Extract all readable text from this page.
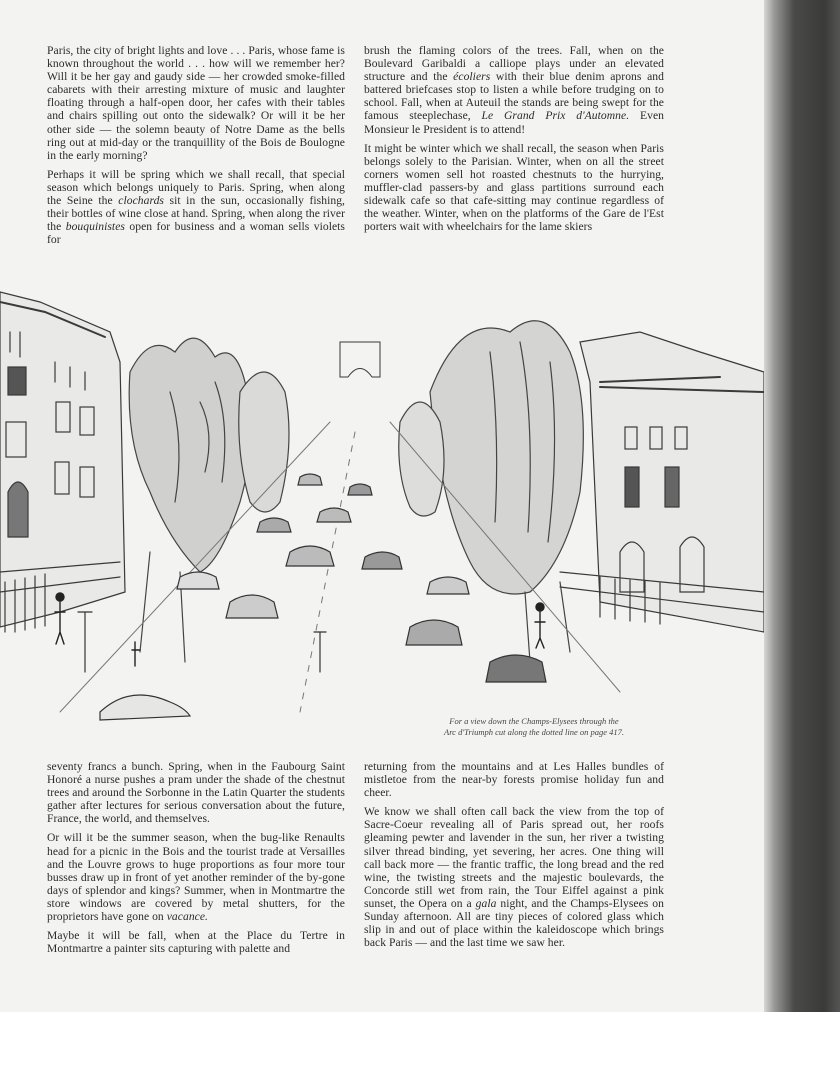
Paris, the city of bright lights and love . . . Paris, whose fame is known throughout the world . . . how will we remember her? Will it be her gay and gaudy side — her crowded smoke-filled cabarets with their arresting mixture of music and laughter floating through a half-open door, her cafes with their tables and chairs spilling out onto the sidewalk? Or will it be her other side — the solemn beauty of Notre Dame as the bells ring out at mid-day or the tranquillity of the Bois de Boulogne in the early morning?

Perhaps it will be spring which we shall recall, that special season which belongs uniquely to Paris. Spring, when along the Seine the clochards sit in the sun, occasionally fishing, their bottles of wine close at hand. Spring, when along the river the bouquinistes open for business and a woman sells violets for

brush the flaming colors of the trees. Fall, when on the Boulevard Garibaldi a calliope plays under an elevated structure and the écoliers with their blue denim aprons and battered briefcases stop to listen a while before trudging on to school. Fall, when at Auteuil the stands are being swept for the famous steeplechase, Le Grand Prix d'Automne. Even Monsieur le President is to attend!

It might be winter which we shall recall, the season when Paris belongs solely to the Parisian. Winter, when on all the street corners women sell hot roasted chestnuts to the hurrying, muffler-clad passers-by and glass partitions surround each sidewalk cafe so that cafe-sitting may continue regardless of the weather. Winter, when on the platforms of the Gare de l'Est porters wait with wheelchairs for the lame skiers

For a view down the Champs-Elysees through the
Arc d'Triumph cut along the dotted line on page 417.

seventy francs a bunch. Spring, when in the Faubourg Saint Honoré a nurse pushes a pram under the shade of the chestnut trees and around the Sorbonne in the Latin Quarter the students gather after lectures for serious conversation about the future, France, the world, and themselves.

Or will it be the summer season, when the bug-like Renaults head for a picnic in the Bois and the tourist trade at Versailles and the Louvre grows to huge proportions as four more tour busses draw up in front of yet another reminder of the by-gone days of splendor and kings? Summer, when in Montmartre the store windows are covered by metal shutters, for the proprietors have gone on vacance.

Maybe it will be fall, when at the Place du Tertre in Montmartre a painter sits capturing with palette and

returning from the mountains and at Les Halles bundles of mistletoe from the near-by forests promise holiday fun and cheer.

We know we shall often call back the view from the top of Sacre-Coeur revealing all of Paris spread out, her roofs gleaming pewter and lavender in the sun, her river a twisting silver thread binding, yet severing, her acres. One thing will call back more — the frantic traffic, the long bread and the red wine, the twisting streets and the majestic boulevards, the Concorde still wet from rain, the Tour Eiffel against a pink sunset, the Opera on a gala night, and the Champs-Elysees on Sunday afternoon. All are tiny pieces of colored glass which slip in and out of place within the kaleidoscope which brings back Paris — and the last time we saw her.
